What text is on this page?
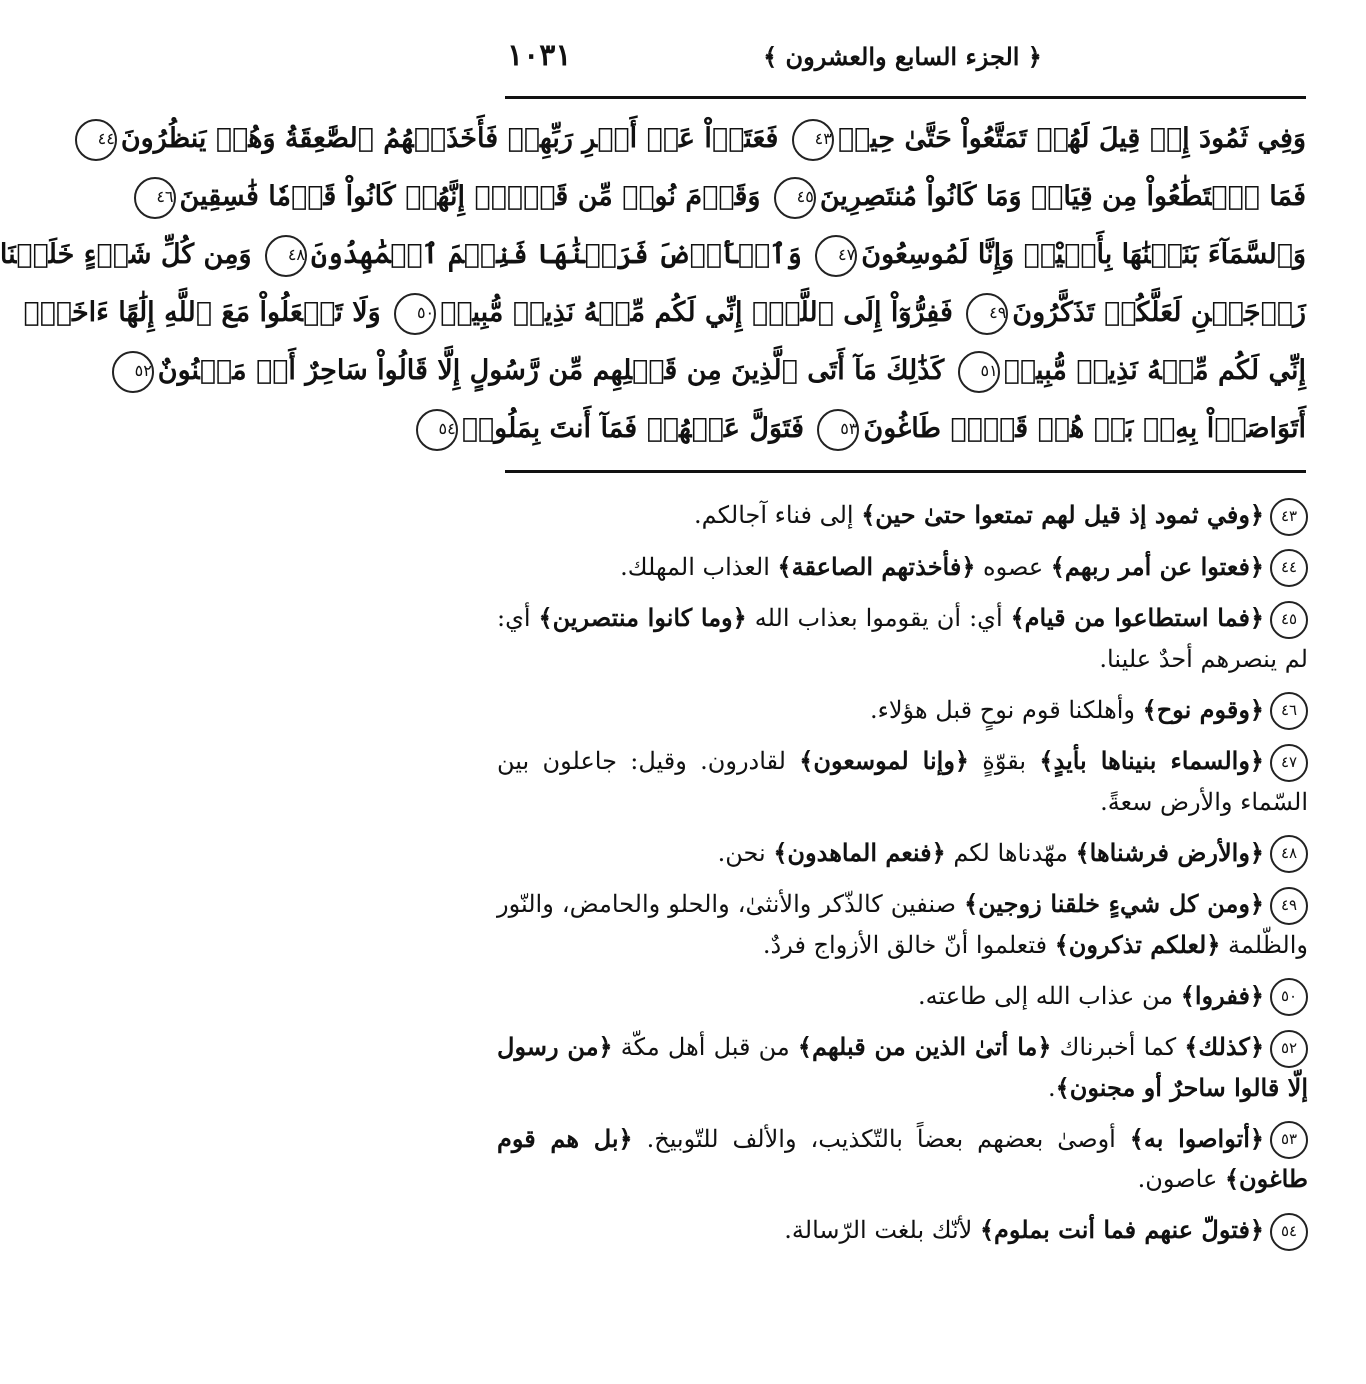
﴿ الجزء السابع والعشرون ﴾
١٠٣١
وَفِي ثَمُودَ إِذۡ قِيلَ لَهُمۡ تَمَتَّعُواْ حَتَّىٰ حِينٖ٤٣ فَعَتَوۡاْ عَنۡ أَمۡرِ رَبِّهِمۡ فَأَخَذَتۡهُمُ ٱلصَّٰعِقَةُ وَهُمۡ يَنظُرُونَ٤٤
فَمَا ٱسۡتَطَٰعُواْ مِن قِيَامٖ وَمَا كَانُواْ مُنتَصِرِينَ٤٥ وَقَوۡمَ نُوحٖ مِّن قَبۡلُۖ إِنَّهُمۡ كَانُواْ قَوۡمٗا فَٰسِقِينَ٤٦
وَٱلسَّمَآءَ بَنَيۡنَٰهَا بِأَيۡيْدٖ وَإِنَّا لَمُوسِعُونَ٤٧ وَٱلۡأَرۡضَ فَرَشۡنَٰهَا فَنِعۡمَ ٱلۡمَٰهِدُونَ٤٨ وَمِن كُلِّ شَيۡءٍ خَلَقۡنَا
زَوۡجَيۡنِ لَعَلَّكُمۡ تَذَكَّرُونَ٤٩ فَفِرُّوٓاْ إِلَى ٱللَّهِۖ إِنِّي لَكُم مِّنۡهُ نَذِيرٞ مُّبِينٞ٥٠ وَلَا تَجۡعَلُواْ مَعَ ٱللَّهِ إِلَٰهًا ءَاخَرَۖ
إِنِّي لَكُم مِّنۡهُ نَذِيرٞ مُّبِينٞ٥١ كَذَٰلِكَ مَآ أَتَى ٱلَّذِينَ مِن قَبۡلِهِم مِّن رَّسُولٍ إِلَّا قَالُواْ سَاحِرٌ أَوۡ مَجۡنُونٌ٥٢
أَتَوَاصَوۡاْ بِهِۦۚ بَلۡ هُمۡ قَوۡمٞ طَاغُونَ٥٣ فَتَوَلَّ عَنۡهُمۡ فَمَآ أَنتَ بِمَلُومٖ٥٤
٤٣﴿وفي ثمود إذ قيل لهم تمتعوا حتىٰ حين﴾ إلى فناء آجالكم.
٤٤﴿فعتوا عن أمر ربهم﴾ عصوه ﴿فأخذتهم الصاعقة﴾ العذاب المهلك.
٤٥﴿فما استطاعوا من قيام﴾ أي: أن يقوموا بعذاب الله ﴿وما كانوا منتصرين﴾ أي: لم ينصرهم أحدٌ علينا.
٤٦﴿وقوم نوح﴾ وأهلكنا قوم نوحٍ قبل هؤلاء.
٤٧﴿والسماء بنيناها بأيدٍ﴾ بقوّةٍ ﴿وإنا لموسعون﴾ لقادرون. وقيل: جاعلون بين السّماء والأرض سعةً.
٤٨﴿والأرض فرشناها﴾ مهّدناها لكم ﴿فنعم الماهدون﴾ نحن.
٤٩﴿ومن كل شيءٍ خلقنا زوجين﴾ صنفين كالذّكر والأنثىٰ، والحلو والحامض، والنّور والظّلمة ﴿لعلكم تذكرون﴾ فتعلموا أنّ خالق الأزواج فردٌ.
٥٠﴿ففروا﴾ من عذاب الله إلى طاعته.
٥٢﴿كذلك﴾ كما أخبرناك ﴿ما أتىٰ الذين من قبلهم﴾ من قبل أهل مكّة ﴿من رسول إلّا قالوا ساحرٌ أو مجنون﴾.
٥٣﴿أتواصوا به﴾ أوصىٰ بعضهم بعضاً بالتّكذيب، والألف للتّوبيخ. ﴿بل هم قوم طاغون﴾ عاصون.
٥٤﴿فتولّ عنهم فما أنت بملوم﴾ لأنّك بلغت الرّسالة.
